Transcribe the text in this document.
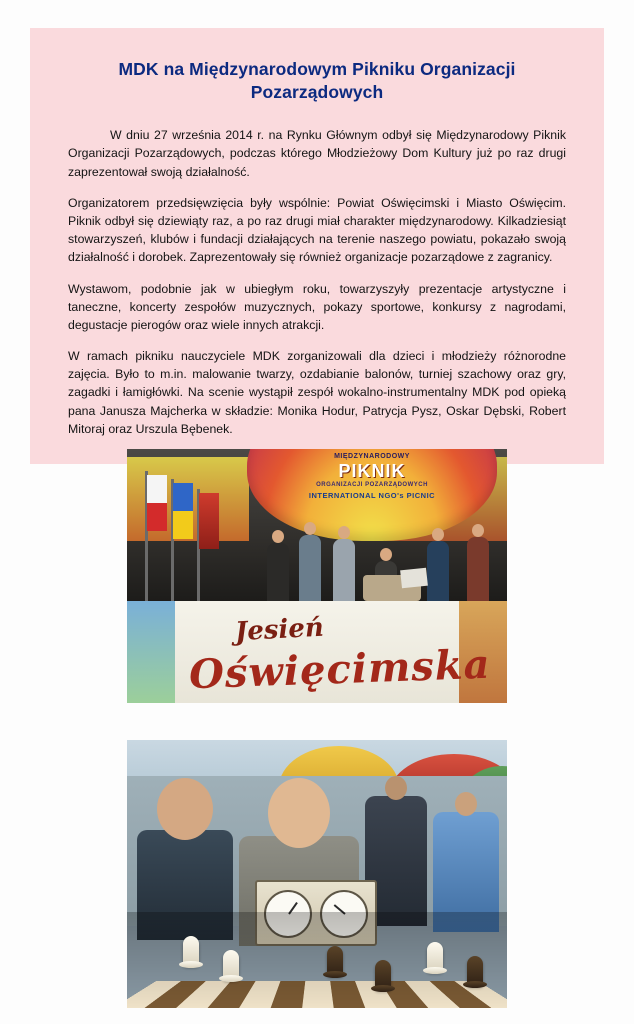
MDK na Międzynarodowym Pikniku Organizacji Pozarządowych

W dniu 27 września 2014 r. na Rynku Głównym odbył się Międzynarodowy Piknik Organizacji Pozarządowych, podczas którego Młodzieżowy Dom Kultury już po raz drugi zaprezentował swoją działalność.

Organizatorem przedsięwzięcia były wspólnie: Powiat Oświęcimski i Miasto Oświęcim. Piknik odbył się dziewiąty raz, a po raz drugi miał charakter międzynarodowy. Kilkadziesiąt stowarzyszeń, klubów i fundacji działających na terenie naszego powiatu, pokazało swoją działalność i dorobek. Zaprezentowały się również organizacje pozarządowe z zagranicy.

Wystawom, podobnie jak w ubiegłym roku, towarzyszyły prezentacje artystyczne i taneczne, koncerty zespołów muzycznych, pokazy sportowe, konkursy z nagrodami, degustacje pierogów oraz wiele innych atrakcji.

W ramach pikniku nauczyciele MDK zorganizowali dla dzieci i młodzieży różnorodne zajęcia. Było to m.in. malowanie twarzy, ozdabianie balonów, turniej szachowy oraz gry, zagadki i łamigłówki. Na scenie wystąpił zespół wokalno-instrumentalny MDK pod opieką pana Janusza Majcherka w składzie: Monika Hodur, Patrycja Pysz, Oskar Dębski, Robert Mitoraj oraz Urszula Bębenek.

MIĘDZYNARODOWY
PIKNIK
ORGANIZACJI POZARZĄDOWYCH
INTERNATIONAL NGO's PICNIC
Jesień
Oświęcimska
